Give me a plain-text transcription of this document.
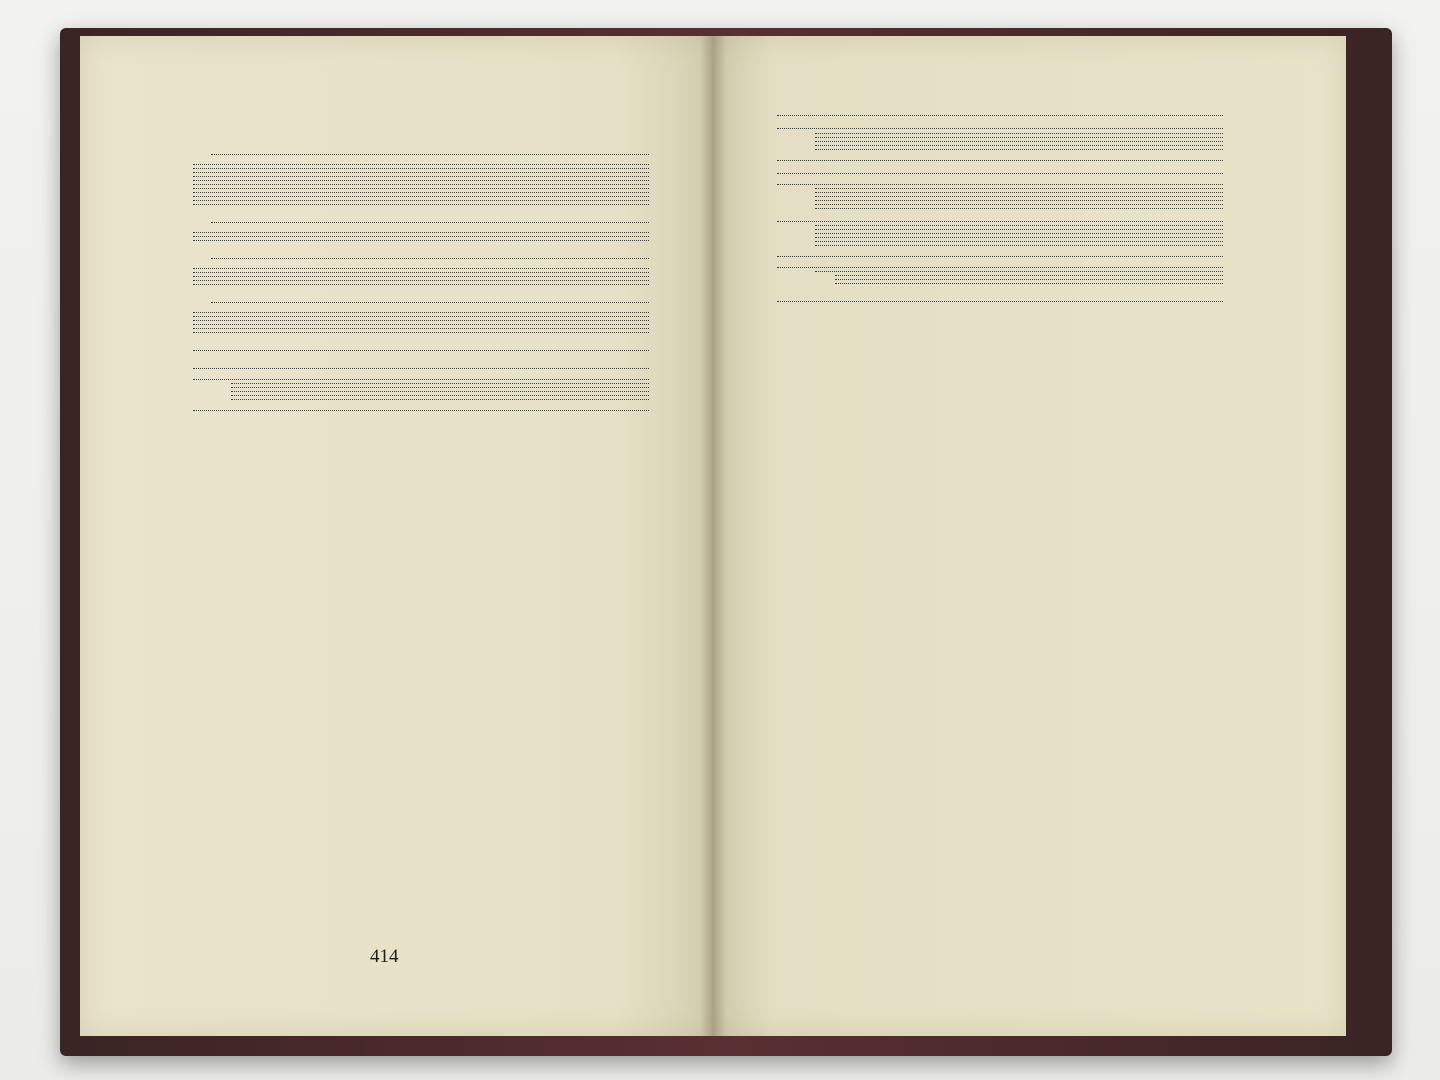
414
